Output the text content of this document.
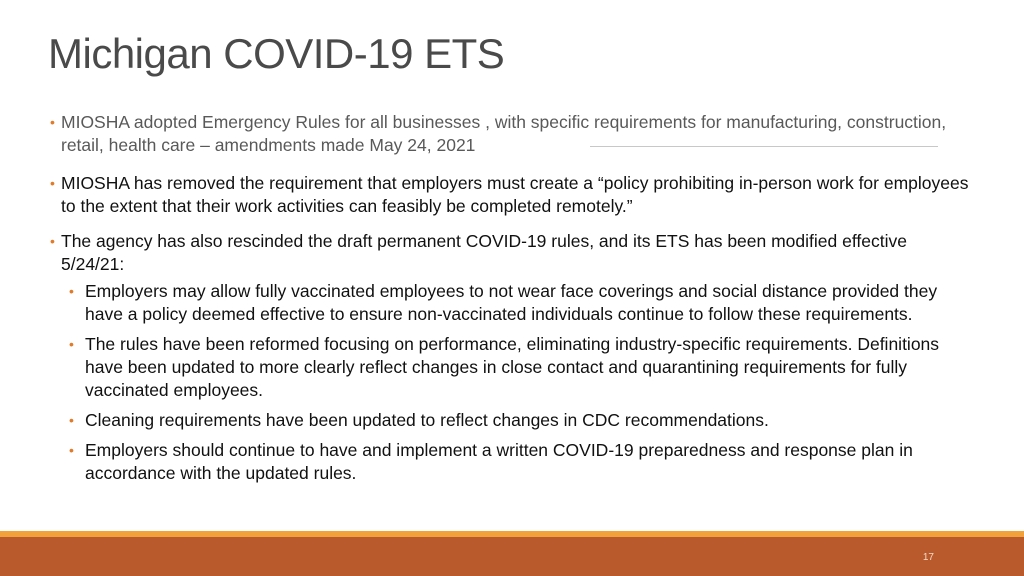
Michigan COVID-19 ETS
• MIOSHA adopted Emergency Rules for all businesses , with specific requirements for manufacturing, construction, retail, health care – amendments made May 24, 2021
• MIOSHA has removed the requirement that employers must create a “policy prohibiting in-person work for employees to the extent that their work activities can feasibly be completed remotely.”
• The agency has also rescinded the draft permanent COVID-19 rules, and its ETS has been modified effective 5/24/21:
• Employers may allow fully vaccinated employees to not wear face coverings and social distance provided they have a policy deemed effective to ensure non-vaccinated individuals continue to follow these requirements.
• The rules have been reformed focusing on performance, eliminating industry-specific requirements. Definitions have been updated to more clearly reflect changes in close contact and quarantining requirements for fully vaccinated employees.
• Cleaning requirements have been updated to reflect changes in CDC recommendations.
• Employers should continue to have and implement a written COVID-19 preparedness and response plan in accordance with the updated rules.
17
